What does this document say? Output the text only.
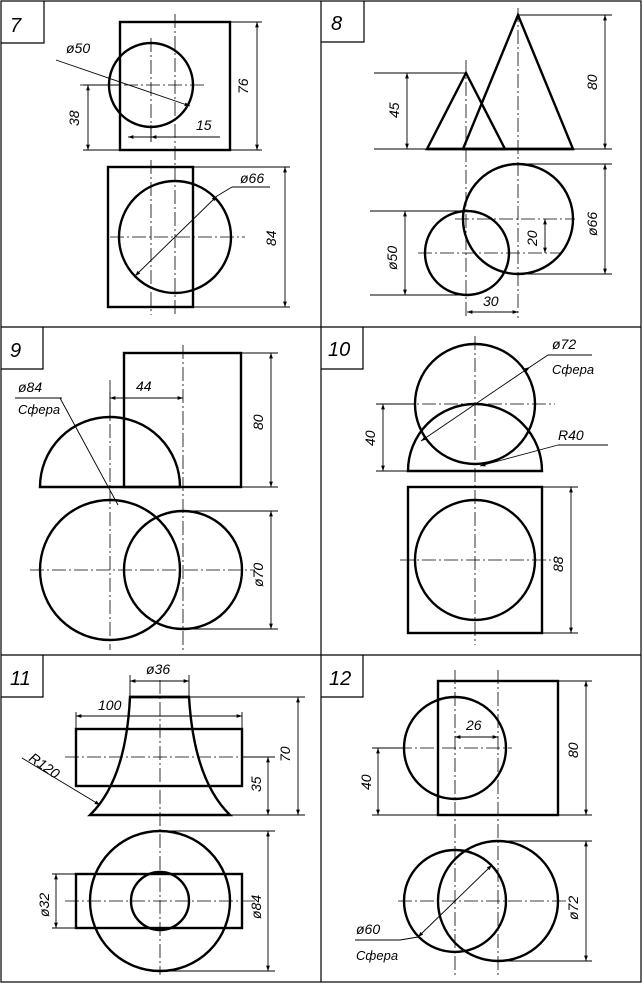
7
ø50
38	15
76
ø66
84
8
45
80
20
ø50
ø66
30
9
44
80
ø84
Сфера
ø70
10	ø72
Сфера
40	R40
88
11	ø36
100
R120
35
70
ø32	ø84
12
26
40
80
ø60
Сфера
ø72
